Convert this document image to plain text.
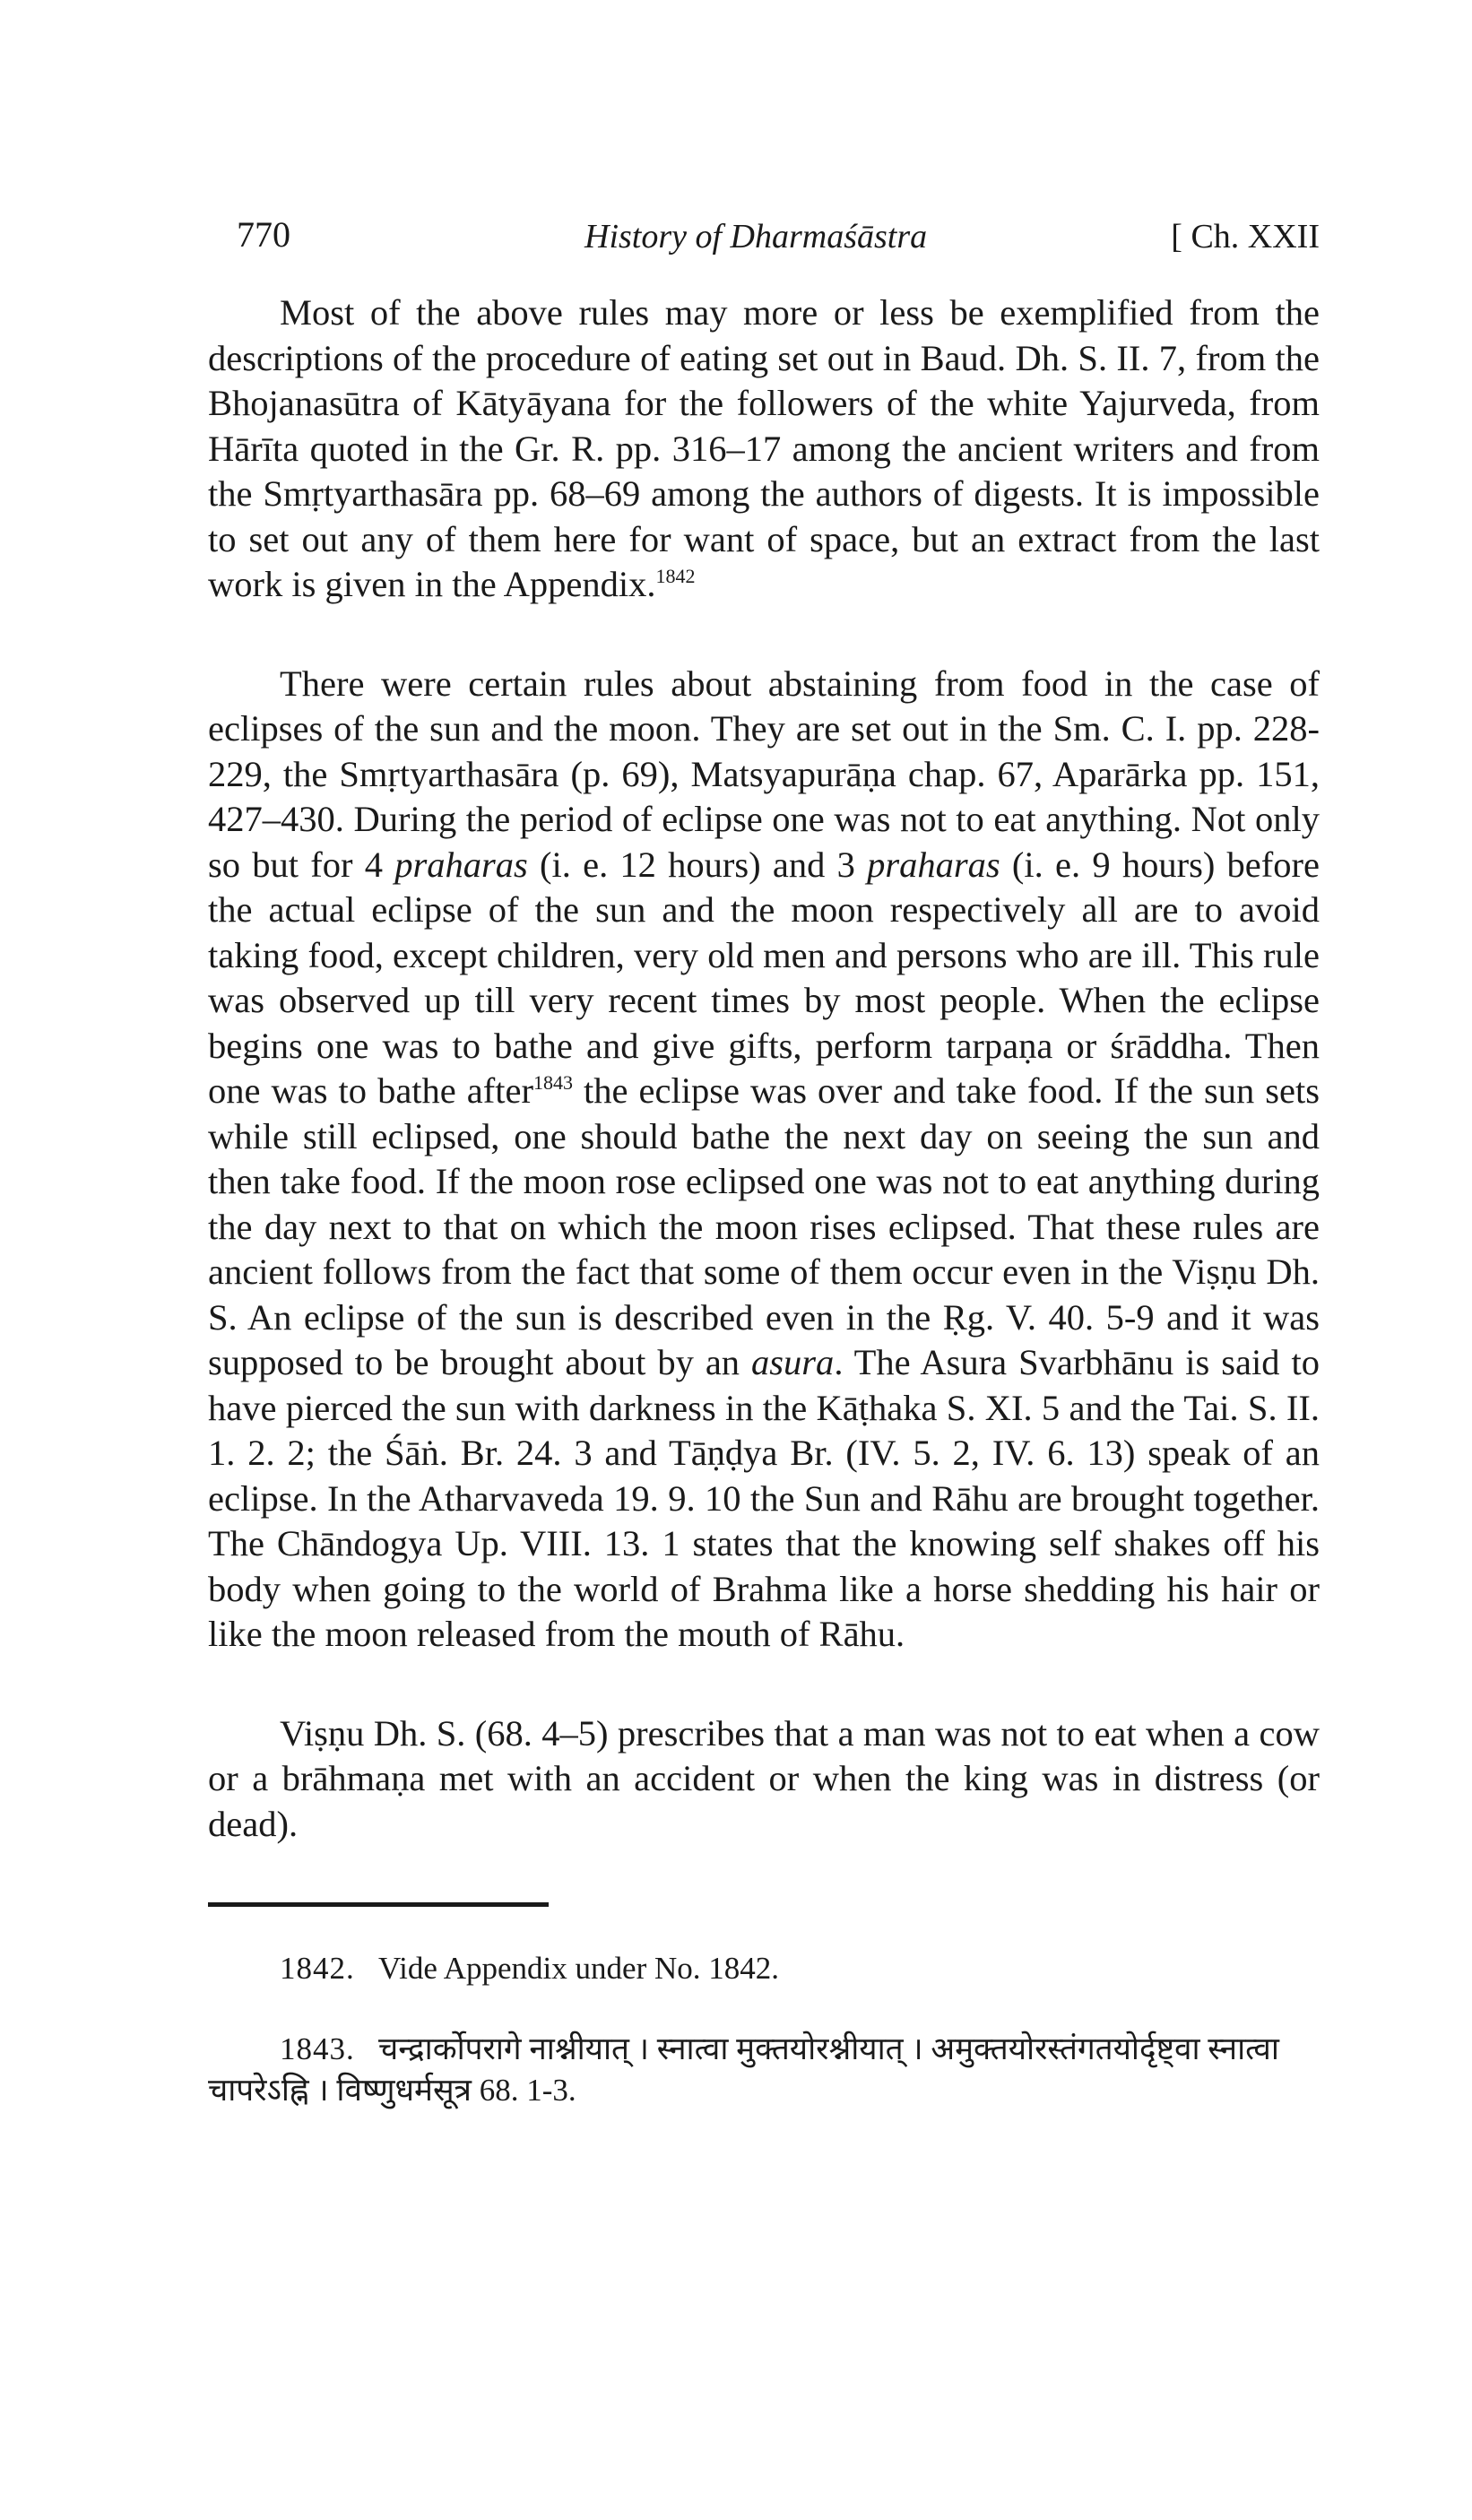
770	History of Dharmaśāstra	[ Ch. XXII

Most of the above rules may more or less be exemplified from the descriptions of the procedure of eating set out in Baud. Dh. S. II. 7, from the Bhojanasūtra of Kātyāyana for the followers of the white Yajurveda, from Hārīta quoted in the Gr. R. pp. 316–17 among the ancient writers and from the Smṛtyarthasāra pp. 68–69 among the authors of digests. It is impossible to set out any of them here for want of space, but an extract from the last work is given in the Appendix.$^{1842}$

There were certain rules about abstaining from food in the case of eclipses of the sun and the moon. They are set out in the Sm. C. I. pp. 228-229, the Smṛtyarthasāra (p. 69), Matsyapurāṇa chap. 67, Aparārka pp. 151, 427–430. During the period of eclipse one was not to eat anything. Not only so but for 4 praharas (i. e. 12 hours) and 3 praharas (i. e. 9 hours) before the actual eclipse of the sun and the moon respectively all are to avoid taking food, except children, very old men and persons who are ill. This rule was observed up till very recent times by most people. When the eclipse begins one was to bathe and give gifts, perform tarpaṇa or śrāddha. Then one was to bathe after$^{1843}$ the eclipse was over and take food. If the sun sets while still eclipsed, one should bathe the next day on seeing the sun and then take food. If the moon rose eclipsed one was not to eat anything during the day next to that on which the moon rises eclipsed. That these rules are ancient follows from the fact that some of them occur even in the Viṣṇu Dh. S. An eclipse of the sun is described even in the Ṛg. V. 40. 5-9 and it was supposed to be brought about by an asura. The Asura Svarbhānu is said to have pierced the sun with darkness in the Kāṭhaka S. XI. 5 and the Tai. S. II. 1. 2. 2; the Śāṅ. Br. 24. 3 and Tāṇḍya Br. (IV. 5. 2, IV. 6. 13) speak of an eclipse. In the Atharvaveda 19. 9. 10 the Sun and Rāhu are brought together. The Chāndogya Up. VIII. 13. 1 states that the knowing self shakes off his body when going to the world of Brahma like a horse shedding his hair or like the moon released from the mouth of Rāhu.

Viṣṇu Dh. S. (68. 4–5) prescribes that a man was not to eat when a cow or a brāhmaṇa met with an accident or when the king was in distress (or dead).

1842. Vide Appendix under No. 1842.

1843. चन्द्रार्कोपरागे नाश्नीयात् । स्नात्वा मुक्तयोरश्नीयात् । अमुक्तयोरस्तंगतयोर्दृष्ट्वा स्नात्वा चापरेऽह्नि । विष्णुधर्मसूत्र 68. 1-3.
